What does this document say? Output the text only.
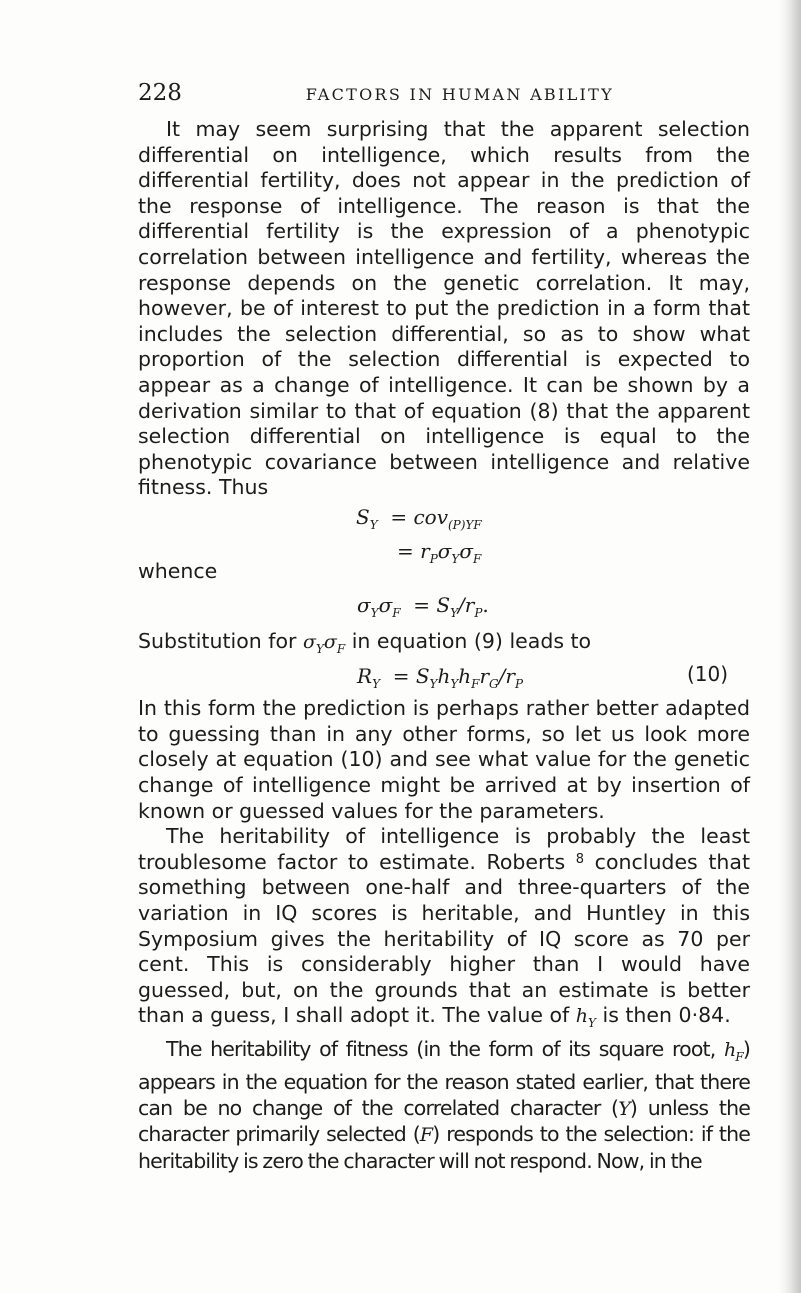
228	FACTORS IN HUMAN ABILITY

It may seem surprising that the apparent selection differential on intelligence, which results from the differential fertility, does not appear in the prediction of the response of intelligence. The reason is that the differential fertility is the expression of a phenotypic correlation between intelligence and fertility, whereas the response depends on the genetic correlation. It may, however, be of interest to put the prediction in a form that includes the selection differential, so as to show what proportion of the selection differential is expected to appear as a change of intelligence. It can be shown by a derivation similar to that of equation (8) that the apparent selection differential on intelligence is equal to the phenotypic covariance between intelligence and relative fitness. Thus

$S_Y = cov_{(P)YF}$
= $r_P\sigma_Y\sigma_F$
whence
$\sigma_Y\sigma_F = S_Y/r_P$.

Substitution for $\sigma_Y\sigma_F$ in equation (9) leads to

$R_Y = S_Yh_Yh_Fr_G/r_P$	(10)

In this form the prediction is perhaps rather better adapted to guessing than in any other forms, so let us look more closely at equation (10) and see what value for the genetic change of intelligence might be arrived at by insertion of known or guessed values for the parameters.

The heritability of intelligence is probably the least troublesome factor to estimate. Roberts $^8$ concludes that something between one-half and three-quarters of the variation in IQ scores is heritable, and Huntley in this Symposium gives the heritability of IQ score as 70 per cent. This is considerably higher than I would have guessed, but, on the grounds that an estimate is better than a guess, I shall adopt it. The value of $h_Y$ is then 0·84.

The heritability of fitness (in the form of its square root, $h_F$) appears in the equation for the reason stated earlier, that there can be no change of the correlated character (Y) unless the character primarily selected (F) responds to the selection: if the heritability is zero the character will not respond. Now, in the
